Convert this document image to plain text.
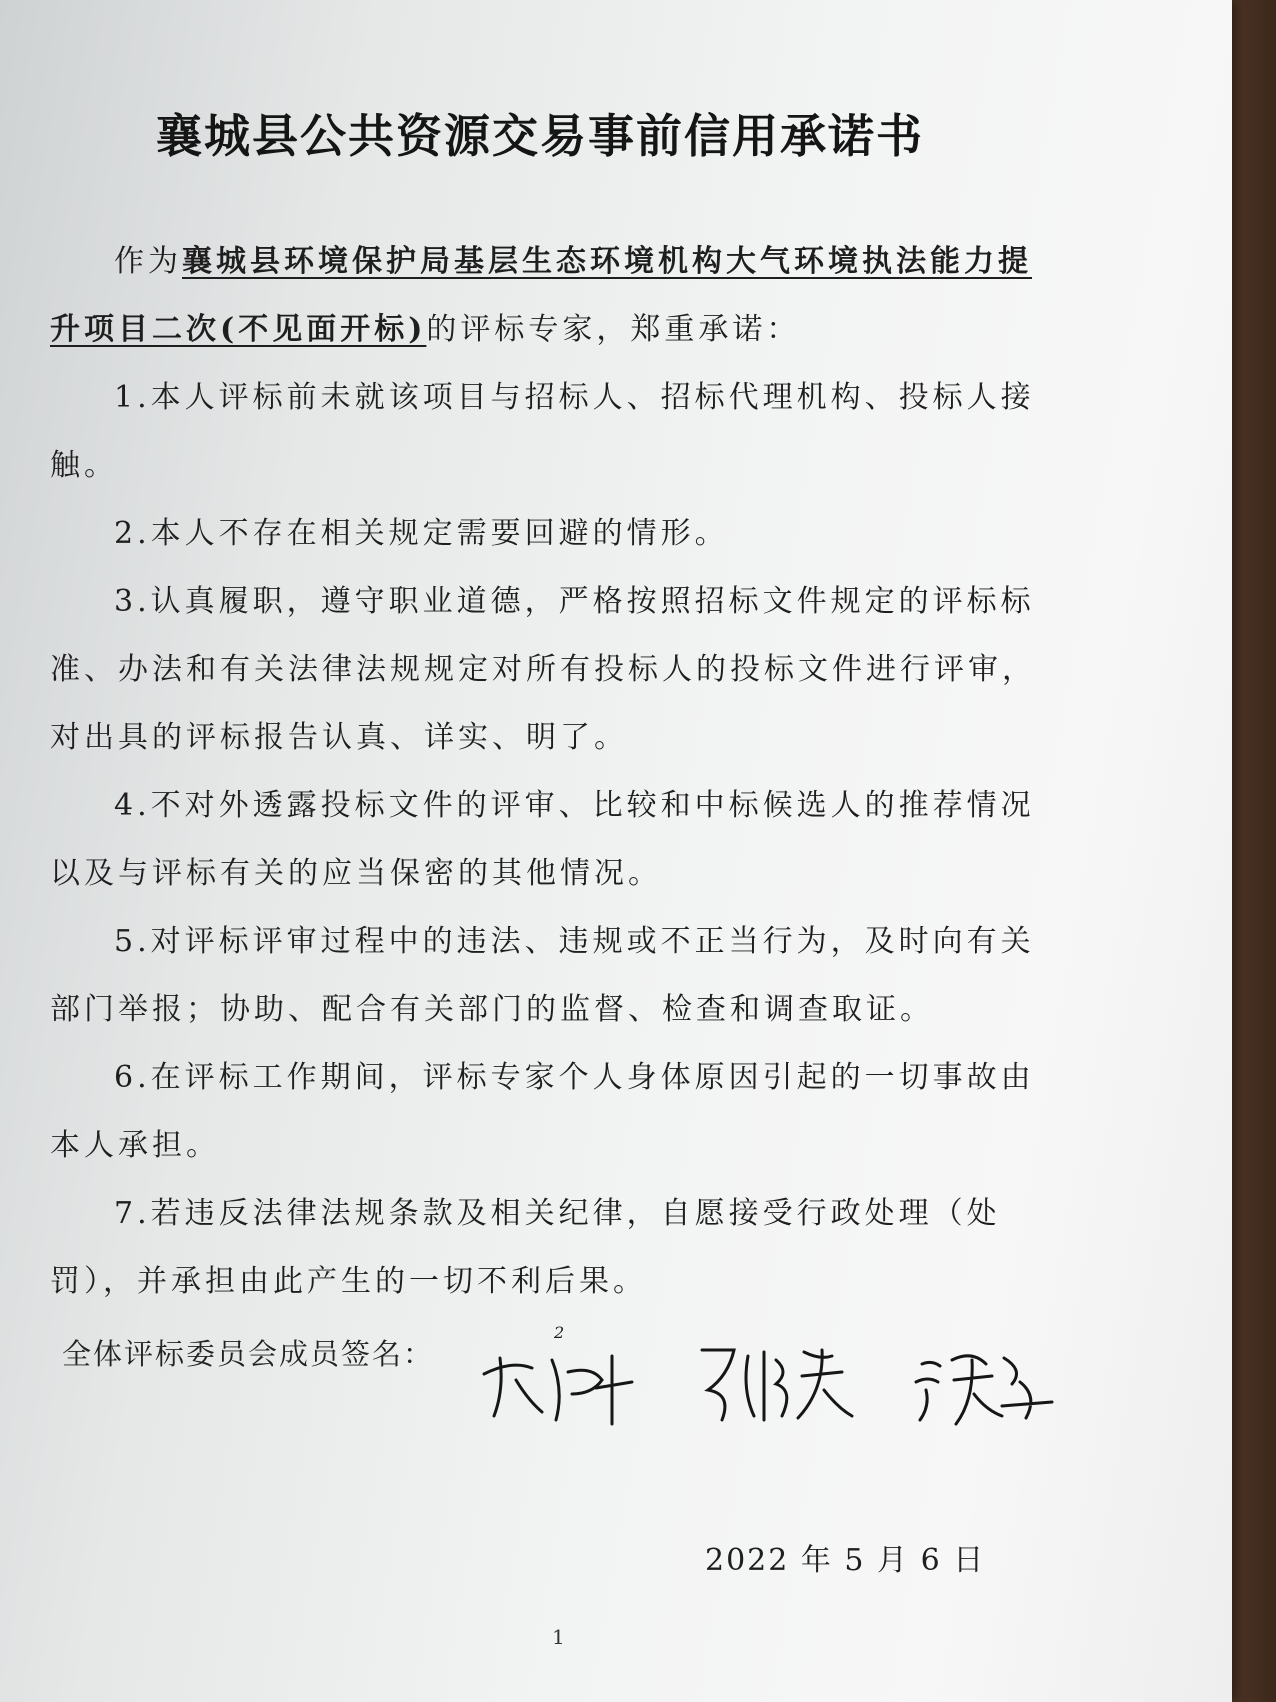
襄城县公共资源交易事前信用承诺书

作为襄城县环境保护局基层生态环境机构大气环境执法能力提升项目二次(不见面开标)的评标专家，郑重承诺：

1.本人评标前未就该项目与招标人、招标代理机构、投标人接触。

2.本人不存在相关规定需要回避的情形。

3.认真履职，遵守职业道德，严格按照招标文件规定的评标标准、办法和有关法律法规规定对所有投标人的投标文件进行评审，对出具的评标报告认真、详实、明了。

4.不对外透露投标文件的评审、比较和中标候选人的推荐情况以及与评标有关的应当保密的其他情况。

5.对评标评审过程中的违法、违规或不正当行为，及时向有关部门举报；协助、配合有关部门的监督、检查和调查取证。

6.在评标工作期间，评标专家个人身体原因引起的一切事故由本人承担。

7.若违反法律法规条款及相关纪律，自愿接受行政处理（处罚），并承担由此产生的一切不利后果。

全体评标委员会成员签名：
2
2022 年 5 月 6 日
1
